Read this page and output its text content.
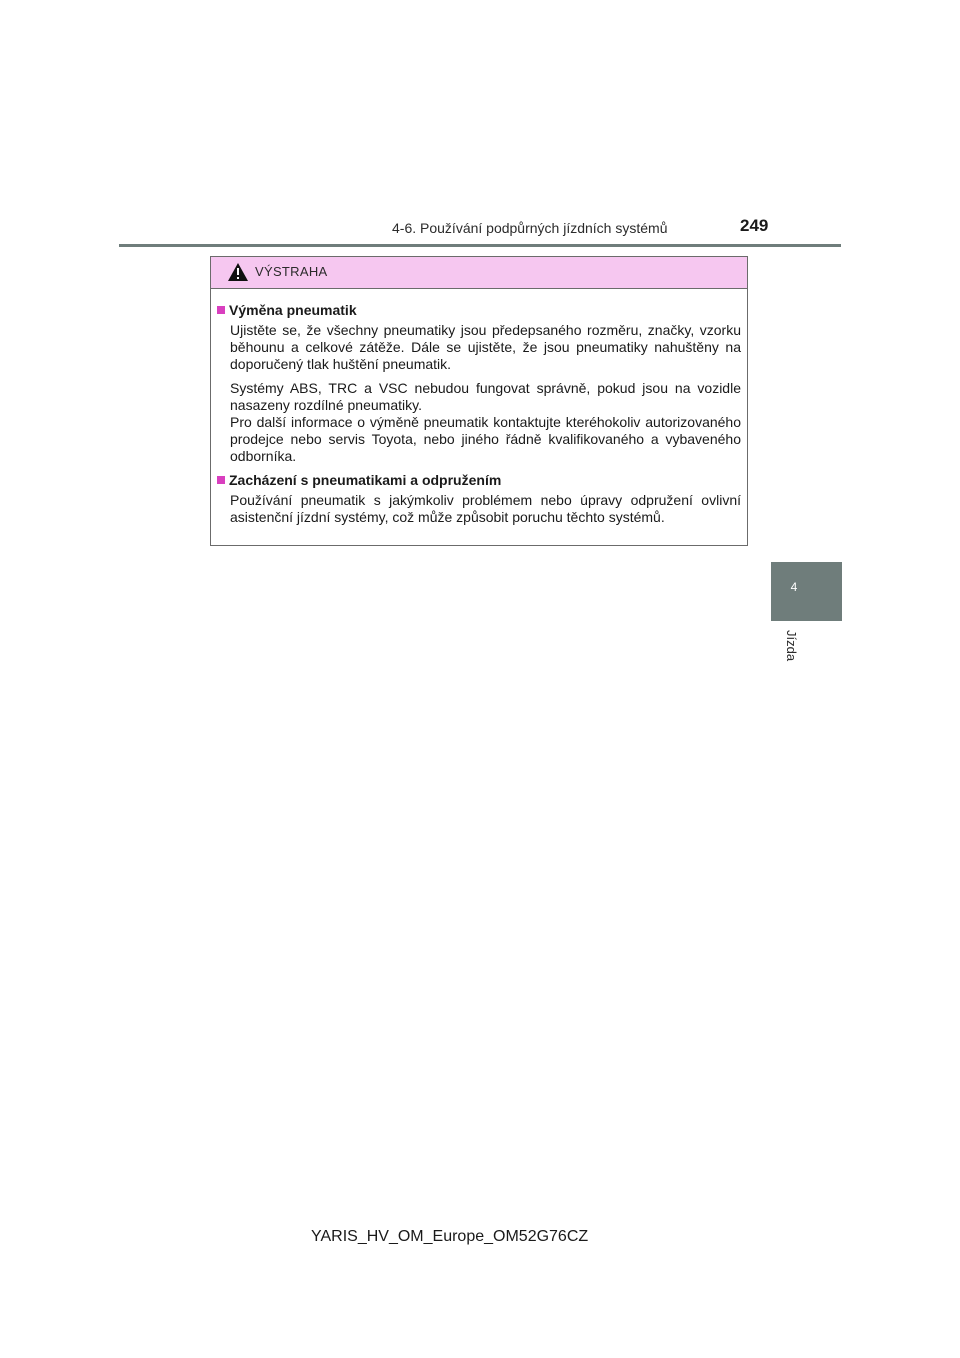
4-6. Používání podpůrných jízdních systémů	249
4
Jízda
VÝSTRAHA
Výměna pneumatik
Ujistěte se, že všechny pneumatiky jsou předepsaného rozměru, značky, vzorku běhounu a celkové zátěže. Dále se ujistěte, že jsou pneumatiky nahuštěny na doporučený tlak huštění pneumatik.
Systémy ABS, TRC a VSC nebudou fungovat správně, pokud jsou na vozidle nasazeny rozdílné pneumatiky.
Pro další informace o výměně pneumatik kontaktujte kteréhokoliv autorizovaného prodejce nebo servis Toyota, nebo jiného řádně kvalifikovaného a vybaveného odborníka.
Zacházení s pneumatikami a odpružením
Používání pneumatik s jakýmkoliv problémem nebo úpravy odpružení ovlivní asistenční jízdní systémy, což může způsobit poruchu těchto systémů.
YARIS_HV_OM_Europe_OM52G76CZ
